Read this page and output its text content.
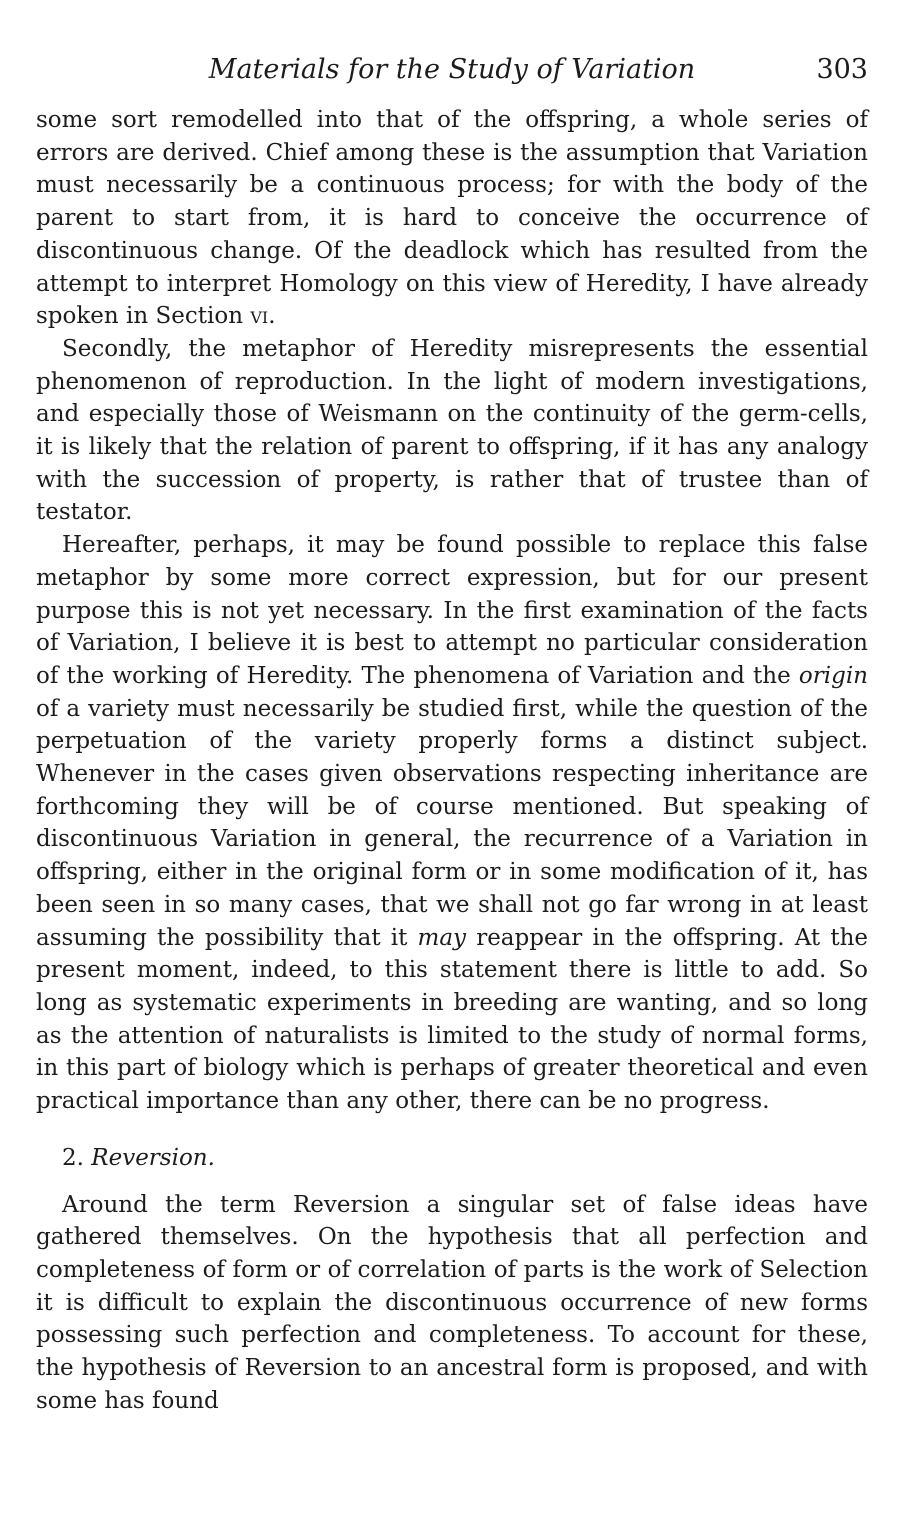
Materials for the Study of Variation	303

some sort remodelled into that of the offspring, a whole series of errors are derived. Chief among these is the assumption that Variation must necessarily be a continuous process; for with the body of the parent to start from, it is hard to conceive the occurrence of discontinuous change. Of the deadlock which has resulted from the attempt to interpret Homology on this view of Heredity, I have already spoken in Section vi.

Secondly, the metaphor of Heredity misrepresents the essential phenomenon of reproduction. In the light of modern investigations, and especially those of Weismann on the continuity of the germ-cells, it is likely that the relation of parent to offspring, if it has any analogy with the succession of property, is rather that of trustee than of testator.

Hereafter, perhaps, it may be found possible to replace this false metaphor by some more correct expression, but for our present purpose this is not yet necessary. In the first examination of the facts of Variation, I believe it is best to attempt no particular consideration of the working of Heredity. The phenomena of Variation and the origin of a variety must necessarily be studied first, while the question of the perpetuation of the variety properly forms a distinct subject. Whenever in the cases given observations respecting inheritance are forthcoming they will be of course mentioned. But speaking of discontinuous Variation in general, the recurrence of a Variation in offspring, either in the original form or in some modification of it, has been seen in so many cases, that we shall not go far wrong in at least assuming the possibility that it may reappear in the offspring. At the present moment, indeed, to this statement there is little to add. So long as systematic experiments in breeding are wanting, and so long as the attention of naturalists is limited to the study of normal forms, in this part of biology which is perhaps of greater theoretical and even practical importance than any other, there can be no progress.

2. Reversion.

Around the term Reversion a singular set of false ideas have gathered themselves. On the hypothesis that all perfection and completeness of form or of correlation of parts is the work of Selection it is difficult to explain the discontinuous occurrence of new forms possessing such perfection and completeness. To account for these, the hypothesis of Reversion to an ancestral form is proposed, and with some has found
